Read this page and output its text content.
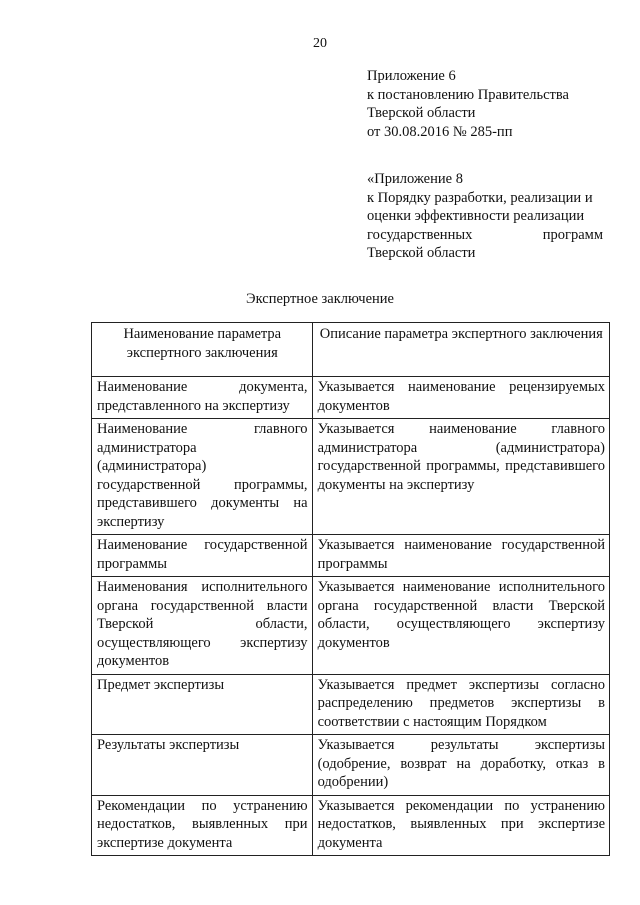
20
Приложение 6
к постановлению Правительства
Тверской области
от 30.08.2016 № 285-пп
«Приложение 8
к Порядку разработки, реализации и
оценки эффективности реализации
государственных	программ
Тверской области
Экспертное заключение
Наименование параметра экспертного заключения	Описание параметра экспертного заключения
Наименование документа, представленного на экспертизу	Указывается наименование рецензируемых документов
Наименование главного администратора (администратора) государственной программы, представившего документы на экспертизу	Указывается наименование главного администратора (администратора) государственной программы, представившего документы на экспертизу
Наименование государственной программы	Указывается наименование государственной программы
Наименования исполнительного органа государственной власти Тверской области, осуществляющего экспертизу документов	Указывается наименование исполнительного органа государственной власти Тверской области, осуществляющего экспертизу документов
Предмет экспертизы	Указывается предмет экспертизы согласно распределению предметов экспертизы в соответствии с настоящим Порядком
Результаты экспертизы	Указывается результаты экспертизы (одобрение, возврат на доработку, отказ в одобрении)
Рекомендации по устранению недостатков, выявленных при экспертизе документа	Указывается рекомендации по устранению недостатков, выявленных при экспертизе документа
